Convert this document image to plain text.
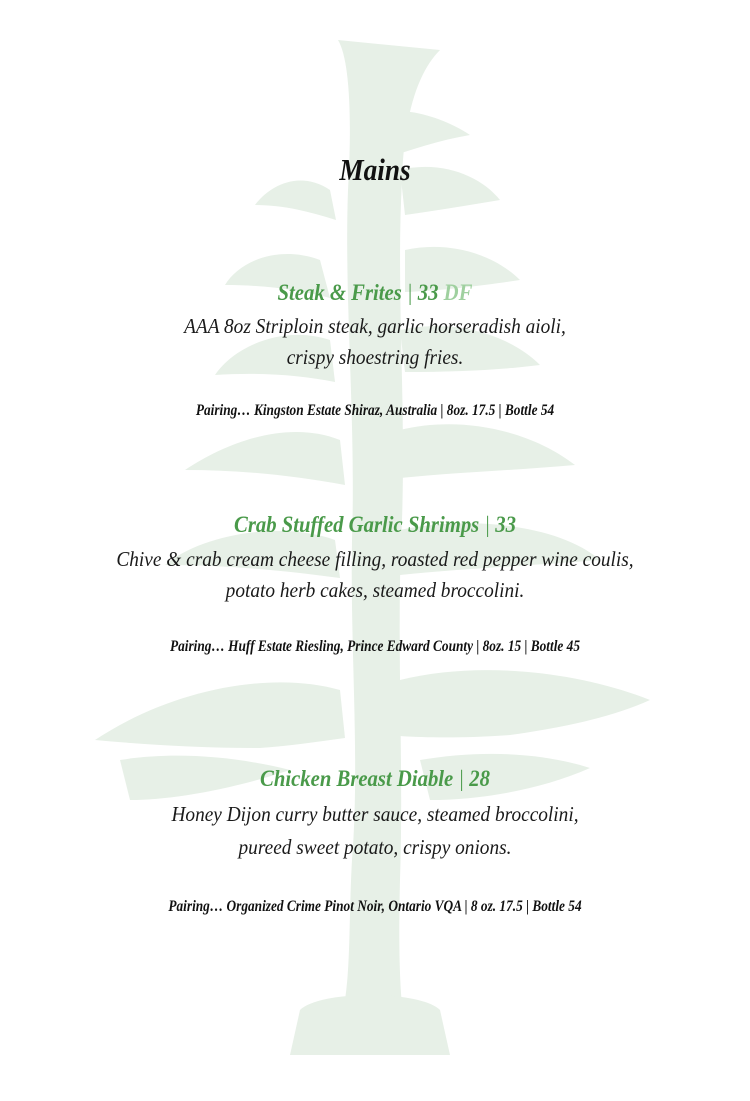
Mains
Steak & Frites | 33 DF
AAA 8oz Striploin steak, garlic horseradish aioli,
crispy shoestring fries.
Pairing… Kingston Estate Shiraz, Australia | 8oz. 17.5 | Bottle 54
Crab Stuffed Garlic Shrimps | 33
Chive & crab cream cheese filling, roasted red pepper wine coulis,
potato herb cakes, steamed broccolini.
Pairing… Huff Estate Riesling, Prince Edward County | 8oz. 15 | Bottle 45
Chicken Breast Diable | 28
Honey Dijon curry butter sauce, steamed broccolini,
pureed sweet potato, crispy onions.
Pairing… Organized Crime Pinot Noir, Ontario VQA | 8 oz. 17.5 | Bottle 54
